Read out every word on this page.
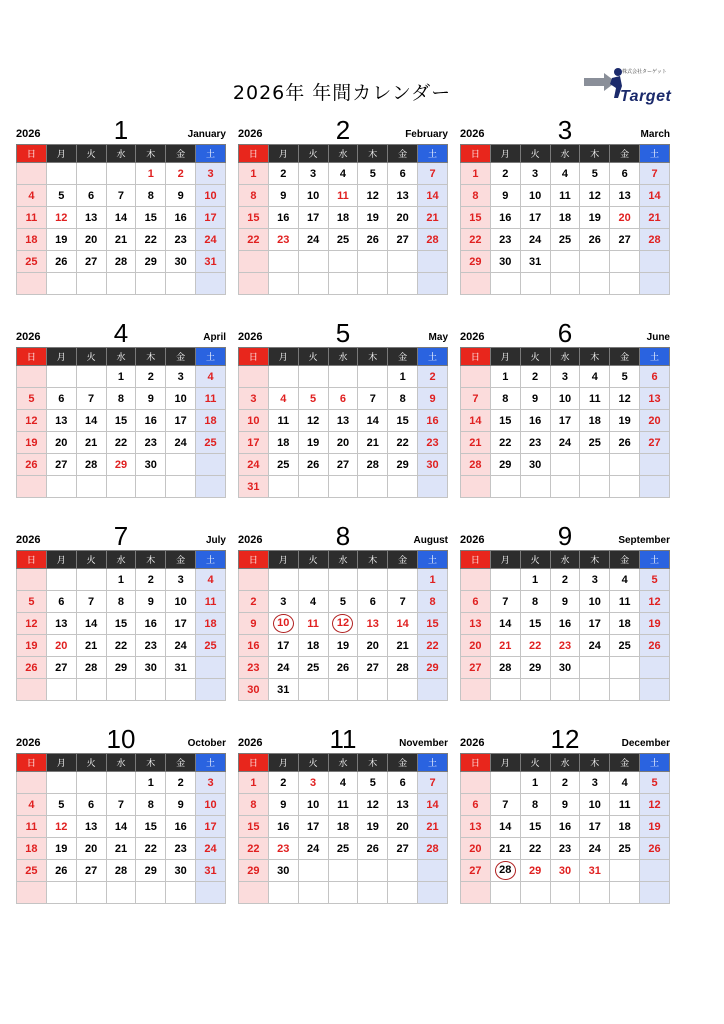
2026年 年間カレンダー
株式会社ターゲット
Target
2026	1	January
日	月	火	水	木	金	土
				1	2	3
4	5	6	7	8	9	10
11	12	13	14	15	16	17
18	19	20	21	22	23	24
25	26	27	28	29	30	31

2026	2	February
日	月	火	水	木	金	土
1	2	3	4	5	6	7
8	9	10	11	12	13	14
15	16	17	18	19	20	21
22	23	24	25	26	27	28

2026	3	March
日	月	火	水	木	金	土
1	2	3	4	5	6	7
8	9	10	11	12	13	14
15	16	17	18	19	20	21
22	23	24	25	26	27	28
29	30	31				

2026	4	April
日	月	火	水	木	金	土
			1	2	3	4
5	6	7	8	9	10	11
12	13	14	15	16	17	18
19	20	21	22	23	24	25
26	27	28	29	30		

2026	5	May
日	月	火	水	木	金	土
					1	2
3	4	5	6	7	8	9
10	11	12	13	14	15	16
17	18	19	20	21	22	23
24	25	26	27	28	29	30
31						
2026	6	June
日	月	火	水	木	金	土
	1	2	3	4	5	6
7	8	9	10	11	12	13
14	15	16	17	18	19	20
21	22	23	24	25	26	27
28	29	30				

2026	7	July
日	月	火	水	木	金	土
			1	2	3	4
5	6	7	8	9	10	11
12	13	14	15	16	17	18
19	20	21	22	23	24	25
26	27	28	29	30	31	

2026	8	August
日	月	火	水	木	金	土
						1
2	3	4	5	6	7	8
9	10	11	12	13	14	15
16	17	18	19	20	21	22
23	24	25	26	27	28	29
30	31					
2026	9	September
日	月	火	水	木	金	土
		1	2	3	4	5
6	7	8	9	10	11	12
13	14	15	16	17	18	19
20	21	22	23	24	25	26
27	28	29	30			

2026	10	October
日	月	火	水	木	金	土
				1	2	3
4	5	6	7	8	9	10
11	12	13	14	15	16	17
18	19	20	21	22	23	24
25	26	27	28	29	30	31

2026	11	November
日	月	火	水	木	金	土
1	2	3	4	5	6	7
8	9	10	11	12	13	14
15	16	17	18	19	20	21
22	23	24	25	26	27	28
29	30					

2026	12	December
日	月	火	水	木	金	土
		1	2	3	4	5
6	7	8	9	10	11	12
13	14	15	16	17	18	19
20	21	22	23	24	25	26
27	28	29	30	31		
